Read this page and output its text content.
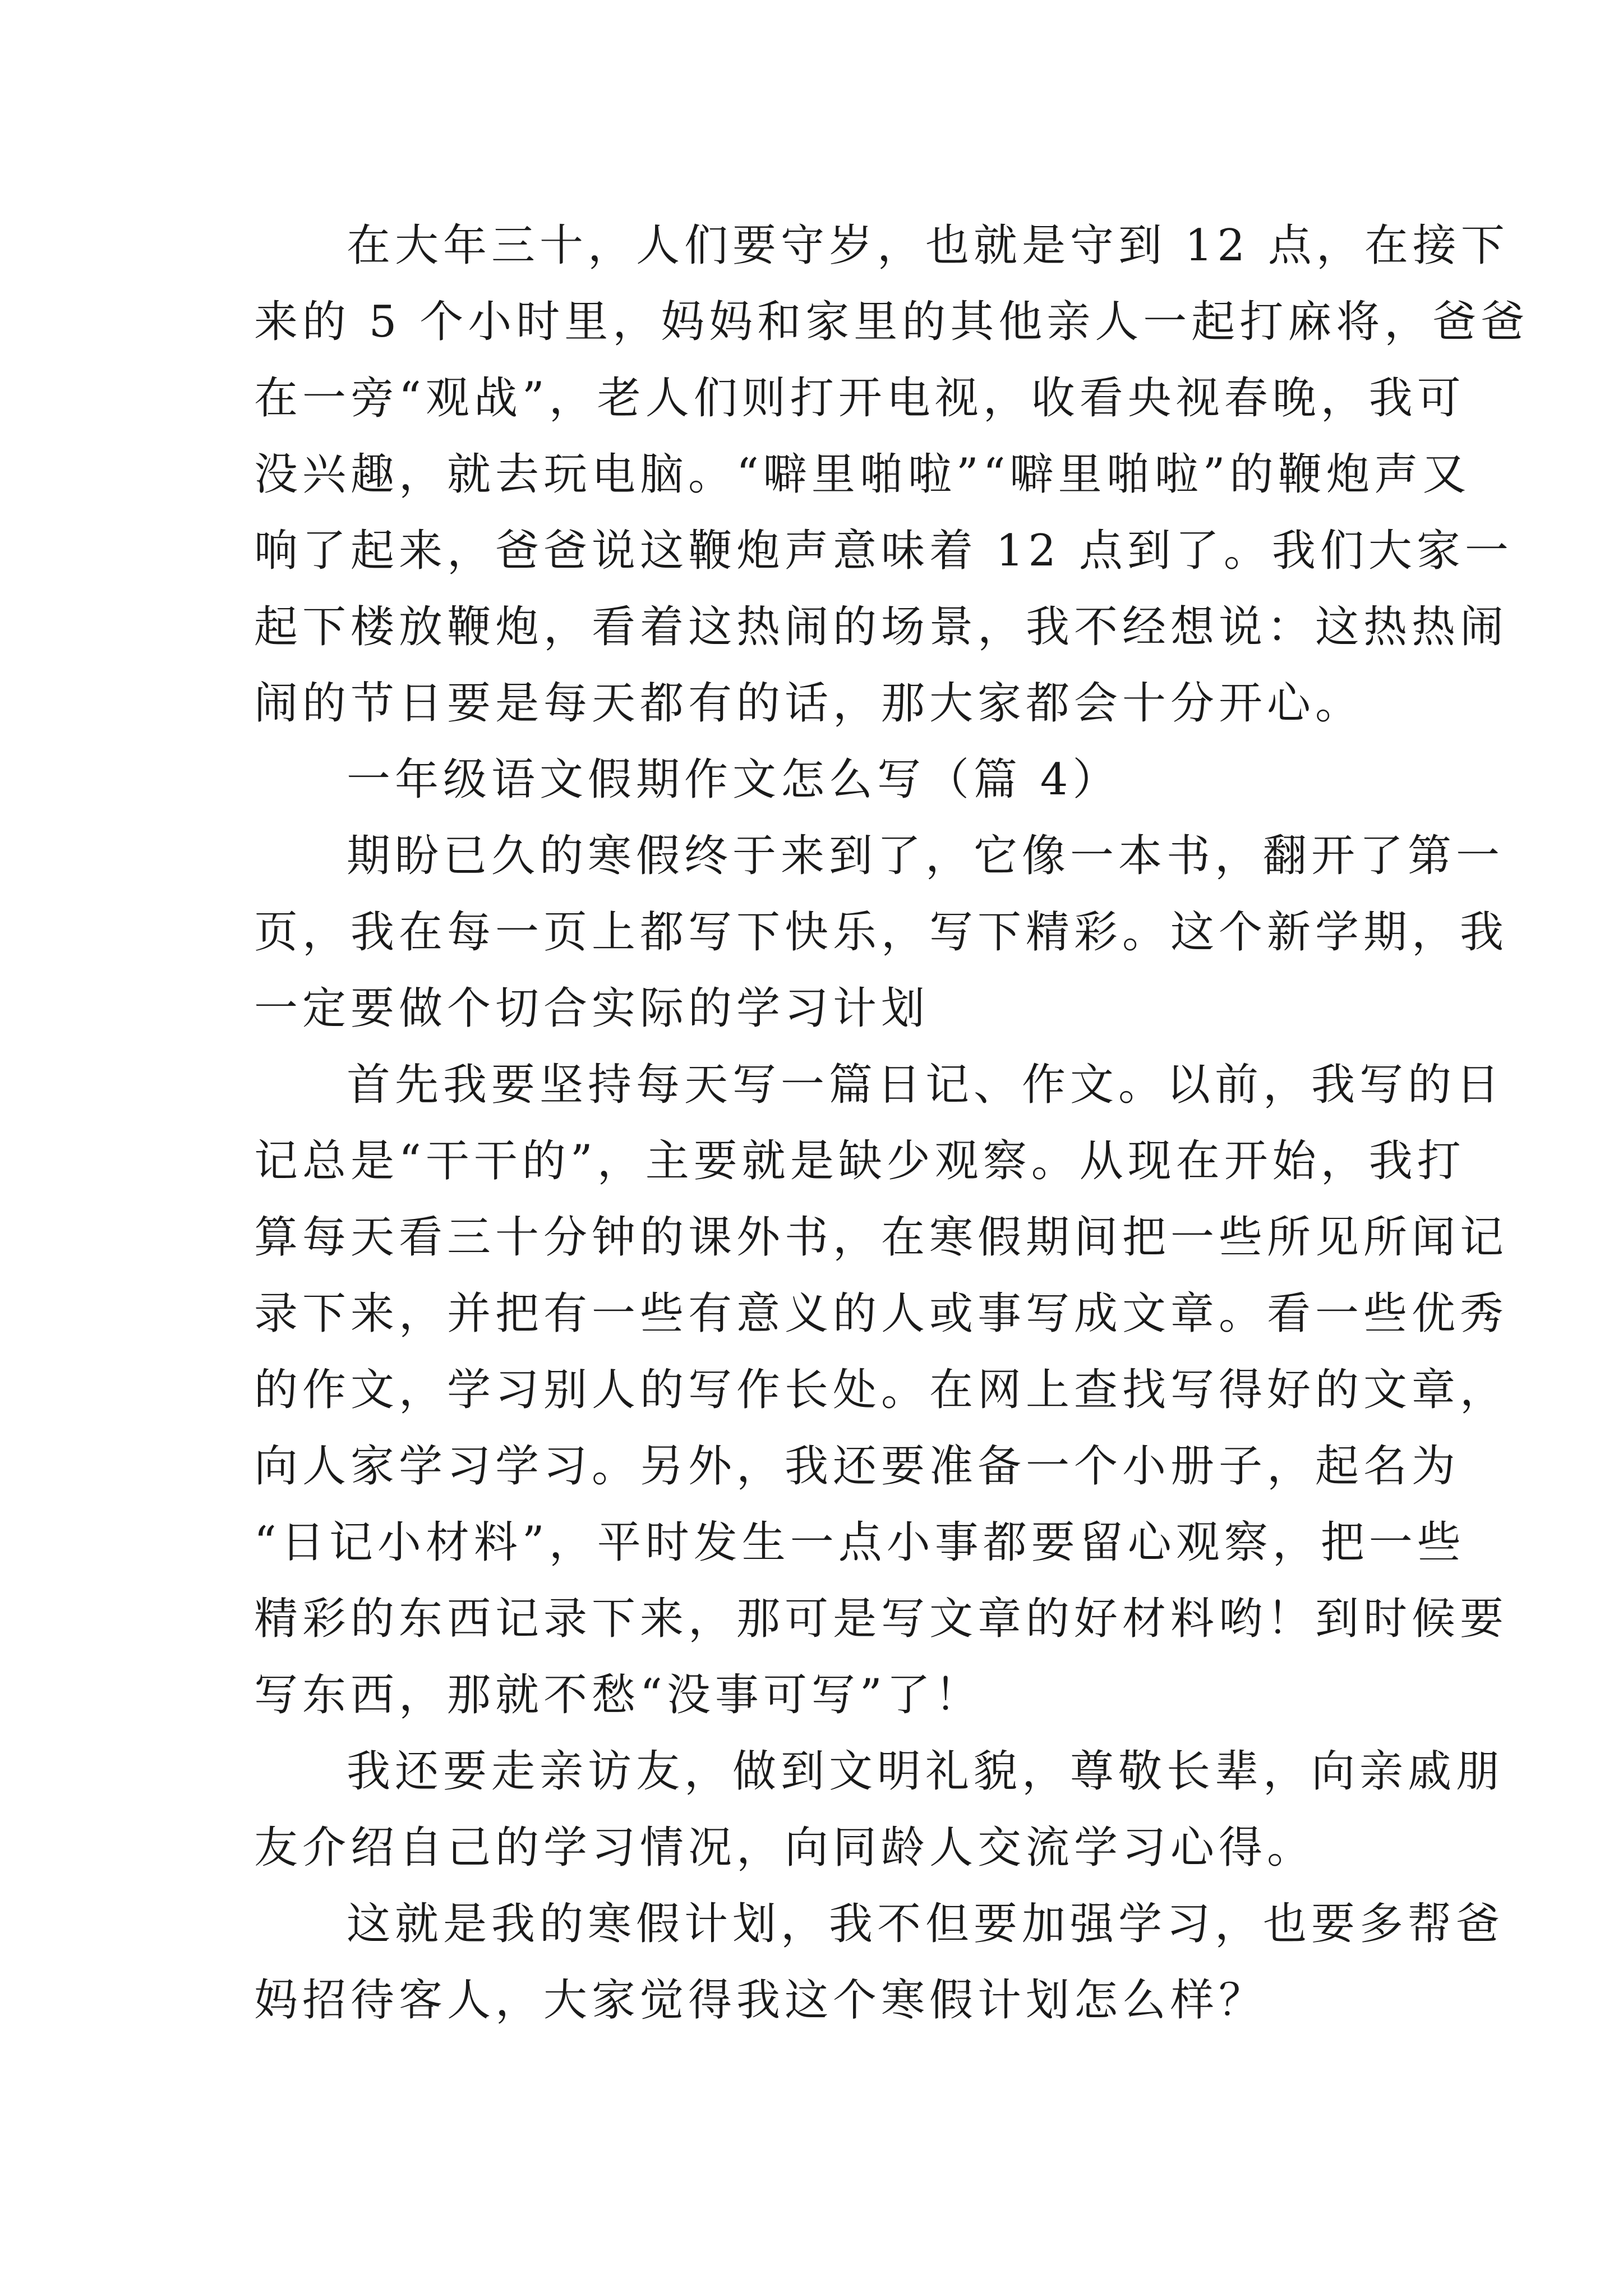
在大年三十，人们要守岁，也就是守到 12 点，在接下
来的 5 个小时里，妈妈和家里的其他亲人一起打麻将，爸爸
在一旁“观战”，老人们则打开电视，收看央视春晚，我可
没兴趣，就去玩电脑。“噼里啪啦”“噼里啪啦”的鞭炮声又
响了起来，爸爸说这鞭炮声意味着 12 点到了。我们大家一
起下楼放鞭炮，看着这热闹的场景，我不经想说：这热热闹
闹的节日要是每天都有的话，那大家都会十分开心。
一年级语文假期作文怎么写（篇 4）
期盼已久的寒假终于来到了，它像一本书，翻开了第一
页，我在每一页上都写下快乐，写下精彩。这个新学期，我
一定要做个切合实际的学习计划
首先我要坚持每天写一篇日记、作文。以前，我写的日
记总是“干干的”，主要就是缺少观察。从现在开始，我打
算每天看三十分钟的课外书，在寒假期间把一些所见所闻记
录下来，并把有一些有意义的人或事写成文章。看一些优秀
的作文，学习别人的写作长处。在网上查找写得好的文章，
向人家学习学习。另外，我还要准备一个小册子，起名为
“日记小材料”，平时发生一点小事都要留心观察，把一些
精彩的东西记录下来，那可是写文章的好材料哟！到时候要
写东西，那就不愁“没事可写”了！
我还要走亲访友，做到文明礼貌，尊敬长辈，向亲戚朋
友介绍自己的学习情况，向同龄人交流学习心得。
这就是我的寒假计划，我不但要加强学习，也要多帮爸
妈招待客人，大家觉得我这个寒假计划怎么样？
